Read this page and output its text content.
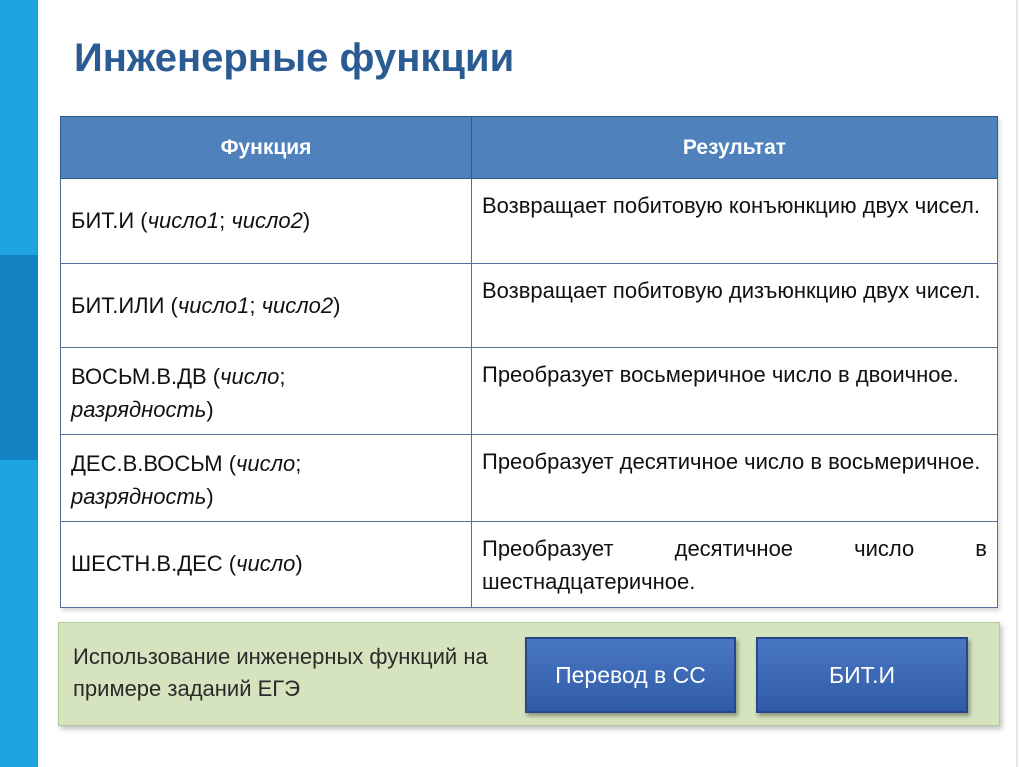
Инженерные функции
Функция	Результат
БИТ.И (число1; число2)	Возвращает побитовую конъюнкцию двух чисел.
БИТ.ИЛИ (число1; число2)	Возвращает побитовую дизъюнкцию двух чисел.
ВОСЬМ.В.ДВ (число;
разрядность)	Преобразует восьмеричное число в двоичное.
ДЕС.В.ВОСЬМ (число;
разрядность)	Преобразует десятичное число в восьмеричное.
ШЕСТН.В.ДЕС (число)	Преобразует десятичное число в шестнадцатеричное.
Использование инженерных функций на примере заданий ЕГЭ
Перевод в СС	БИТ.И
